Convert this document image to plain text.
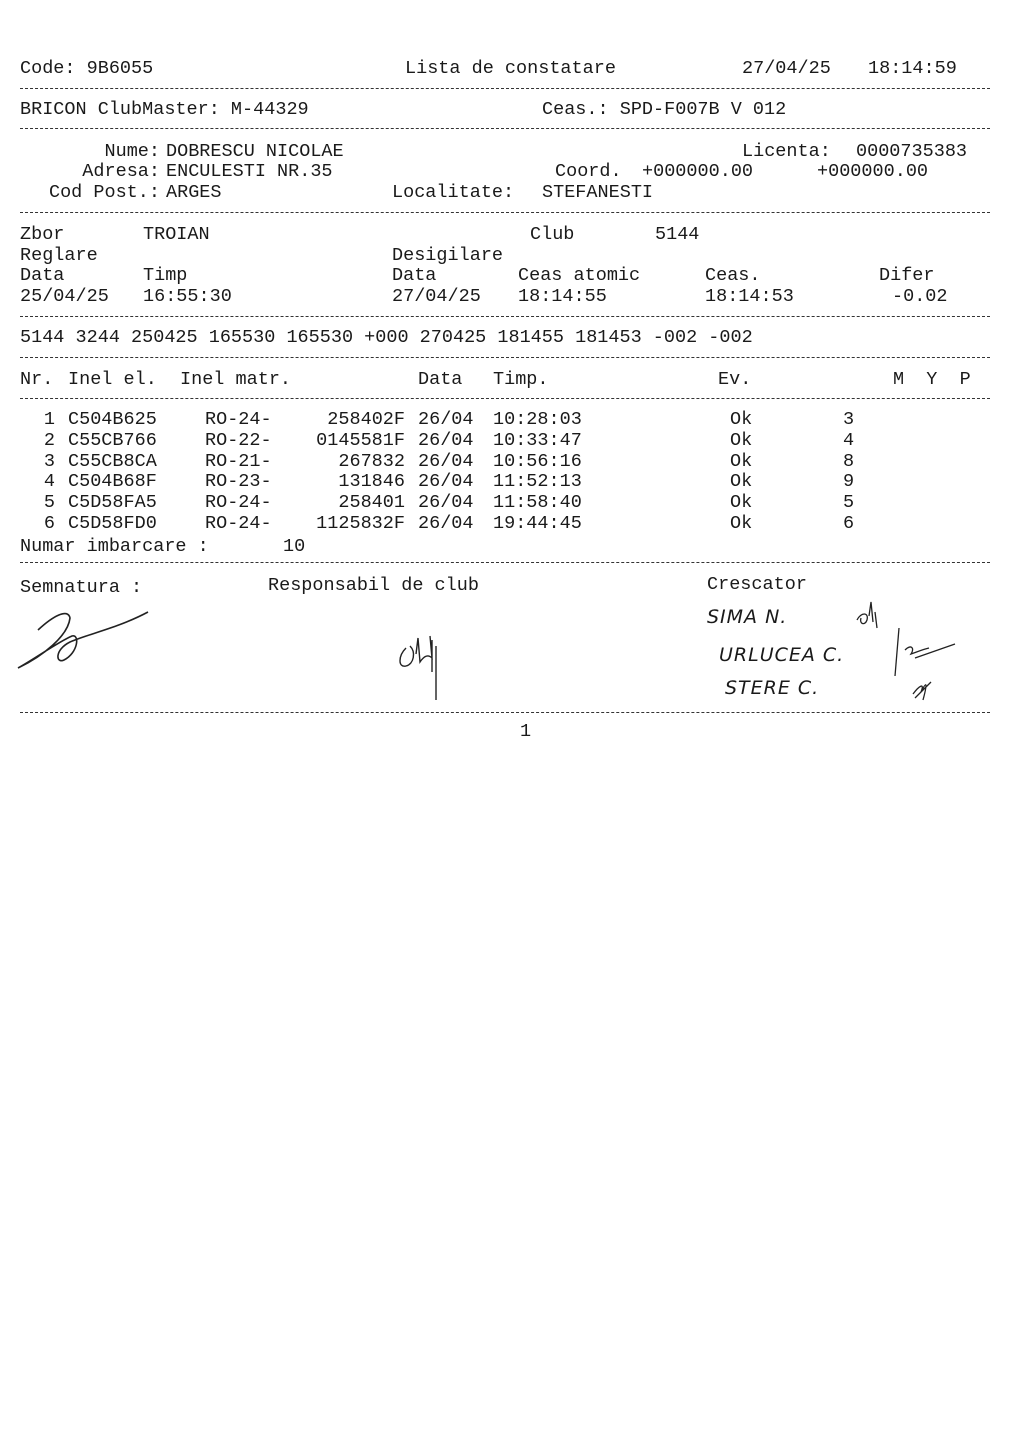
Code: 9B6055	Lista de constatare	27/04/25 18:14:59
BRICON ClubMaster: M-44329	Ceas.: SPD-F007B V 012
Nume: DOBRESCU NICOLAE	Licenta: 0000735383
Adresa: ENCULESTI NR.35	Coord. +000000.00	+000000.00
Cod Post.: ARGES	Localitate: STEFANESTI
Zbor	TROIAN	Club	5144
Reglare	Desigilare
Data	Timp	Data	Ceas atomic	Ceas.	Difer
25/04/25 16:55:30	27/04/25 18:14:55	18:14:53	-0.02
5144 3244 250425 165530 165530 +000 270425 181455 181453 -002 -002
Nr. Inel el. Inel matr.	Data Timp.	Ev.	M  Y  P
1 C504B625	RO-24-	258402F 26/04 10:28:03	Ok	3
2 C55CB766	RO-22-	0145581F 26/04 10:33:47	Ok	4
3 C55CB8CA	RO-21-	267832 26/04 10:56:16	Ok	8
4 C504B68F	RO-23-	131846 26/04 11:52:13	Ok	9
5 C5D58FA5	RO-24-	258401 26/04 11:58:40	Ok	5
6 C5D58FD0	RO-24-	1125832F 26/04 19:44:45	Ok	6
Numar imbarcare :	10
Semnatura :	Responsabil de club	Crescator
SIMA N.
URLUCEA C.
STERE C.
1
